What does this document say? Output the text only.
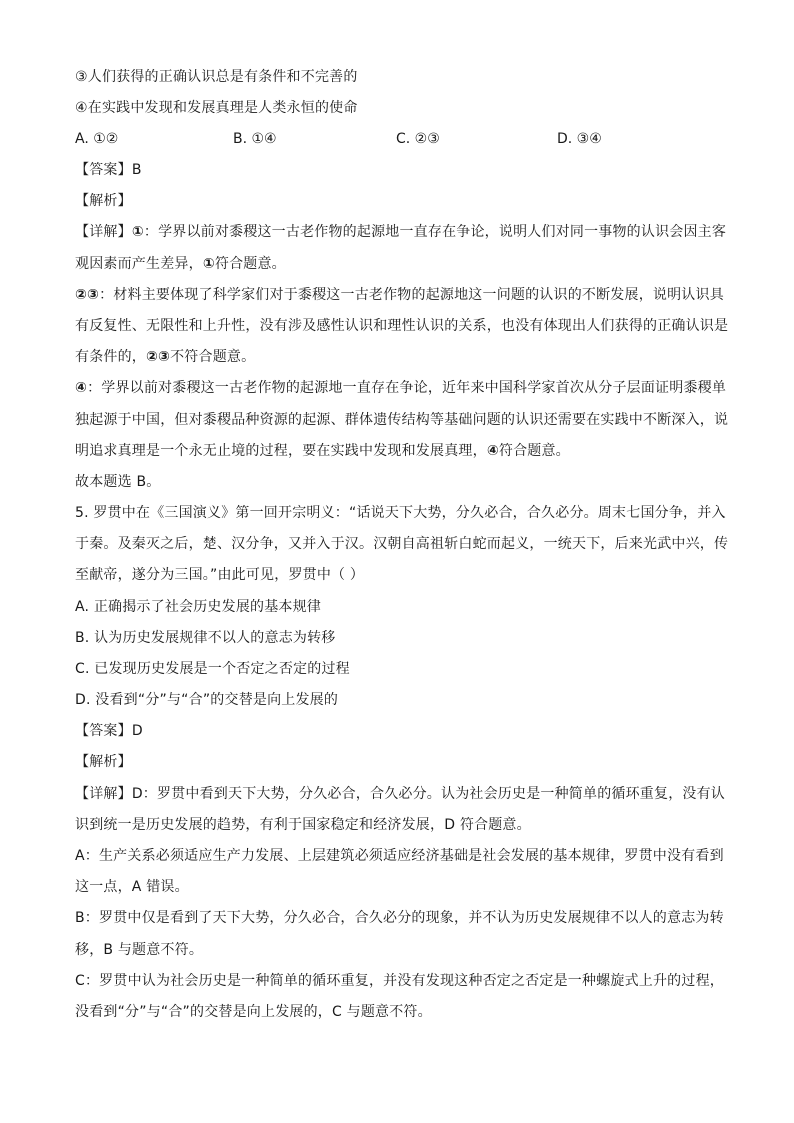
③人们获得的正确认识总是有条件和不完善的
④在实践中发现和发展真理是人类永恒的使命
A. ①②	B. ①④	C. ②③	D. ③④
【答案】B
【解析】
【详解】①：学界以前对黍稷这一古老作物的起源地一直存在争论，说明人们对同一事物的认识会因主客
观因素而产生差异，①符合题意。
②③：材料主要体现了科学家们对于黍稷这一古老作物的起源地这一问题的认识的不断发展，说明认识具
有反复性、无限性和上升性，没有涉及感性认识和理性认识的关系，也没有体现出人们获得的正确认识是
有条件的，②③不符合题意。
④：学界以前对黍稷这一古老作物的起源地一直存在争论，近年来中国科学家首次从分子层面证明黍稷单
独起源于中国，但对黍稷品种资源的起源、群体遗传结构等基础问题的认识还需要在实践中不断深入，说
明追求真理是一个永无止境的过程，要在实践中发现和发展真理，④符合题意。
故本题选 B。
5. 罗贯中在《三国演义》第一回开宗明义：“话说天下大势，分久必合，合久必分。周末七国分争，并入
于秦。及秦灭之后，楚、汉分争，又并入于汉。汉朝自高祖斩白蛇而起义，一统天下，后来光武中兴，传
至献帝，遂分为三国。”由此可见，罗贯中（ ）
A. 正确揭示了社会历史发展的基本规律
B. 认为历史发展规律不以人的意志为转移
C. 已发现历史发展是一个否定之否定的过程
D. 没看到“分”与“合”的交替是向上发展的
【答案】D
【解析】
【详解】D：罗贯中看到天下大势，分久必合，合久必分。认为社会历史是一种简单的循环重复，没有认
识到统一是历史发展的趋势，有利于国家稳定和经济发展，D 符合题意。
A：生产关系必须适应生产力发展、上层建筑必须适应经济基础是社会发展的基本规律，罗贯中没有看到
这一点，A 错误。
B：罗贯中仅是看到了天下大势，分久必合，合久必分的现象，并不认为历史发展规律不以人的意志为转
移，B 与题意不符。
C：罗贯中认为社会历史是一种简单的循环重复，并没有发现这种否定之否定是一种螺旋式上升的过程，
没看到“分”与“合”的交替是向上发展的，C 与题意不符。
